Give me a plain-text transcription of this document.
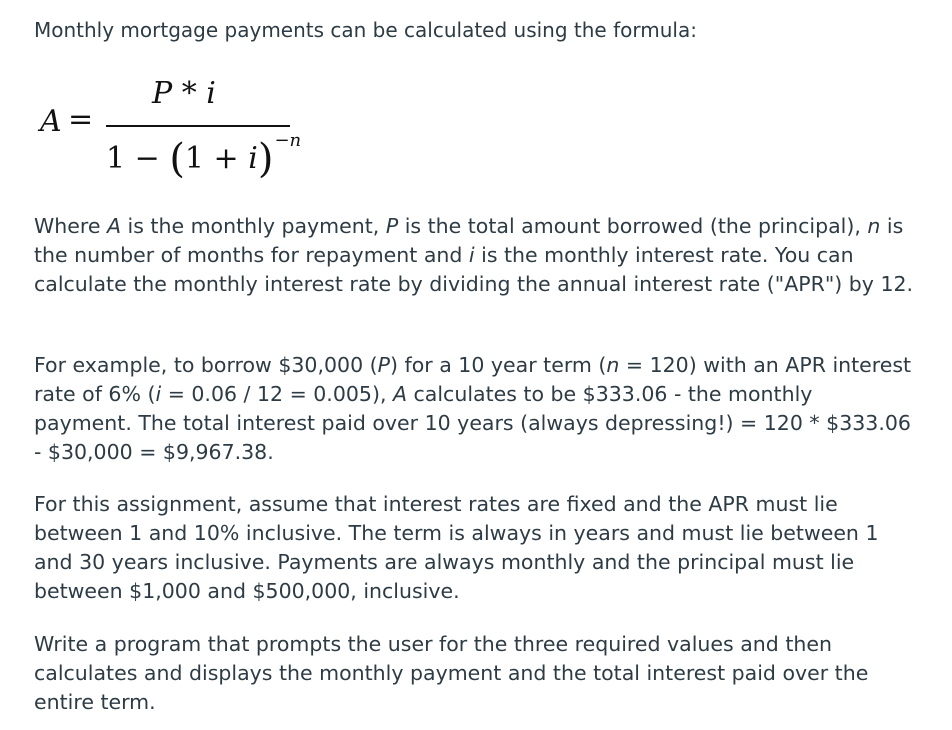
Monthly mortgage payments can be calculated using the formula:

A =
P * i
$1 - (1 + i)^{-n}$

Where A is the monthly payment, P is the total amount borrowed (the principal), n is the number of months for repayment and i is the monthly interest rate. You can calculate the monthly interest rate by dividing the annual interest rate ("APR") by 12.

For example, to borrow $30,000 (P) for a 10 year term (n = 120) with an APR interest rate of 6% (i = 0.06 / 12 = 0.005), A calculates to be $333.06 - the monthly payment. The total interest paid over 10 years (always depressing!) = 120 * $333.06 - $30,000 = $9,967.38.

For this assignment, assume that interest rates are fixed and the APR must lie between 1 and 10% inclusive. The term is always in years and must lie between 1 and 30 years inclusive. Payments are always monthly and the principal must lie between $1,000 and $500,000, inclusive.

Write a program that prompts the user for the three required values and then calculates and displays the monthly payment and the total interest paid over the entire term.
